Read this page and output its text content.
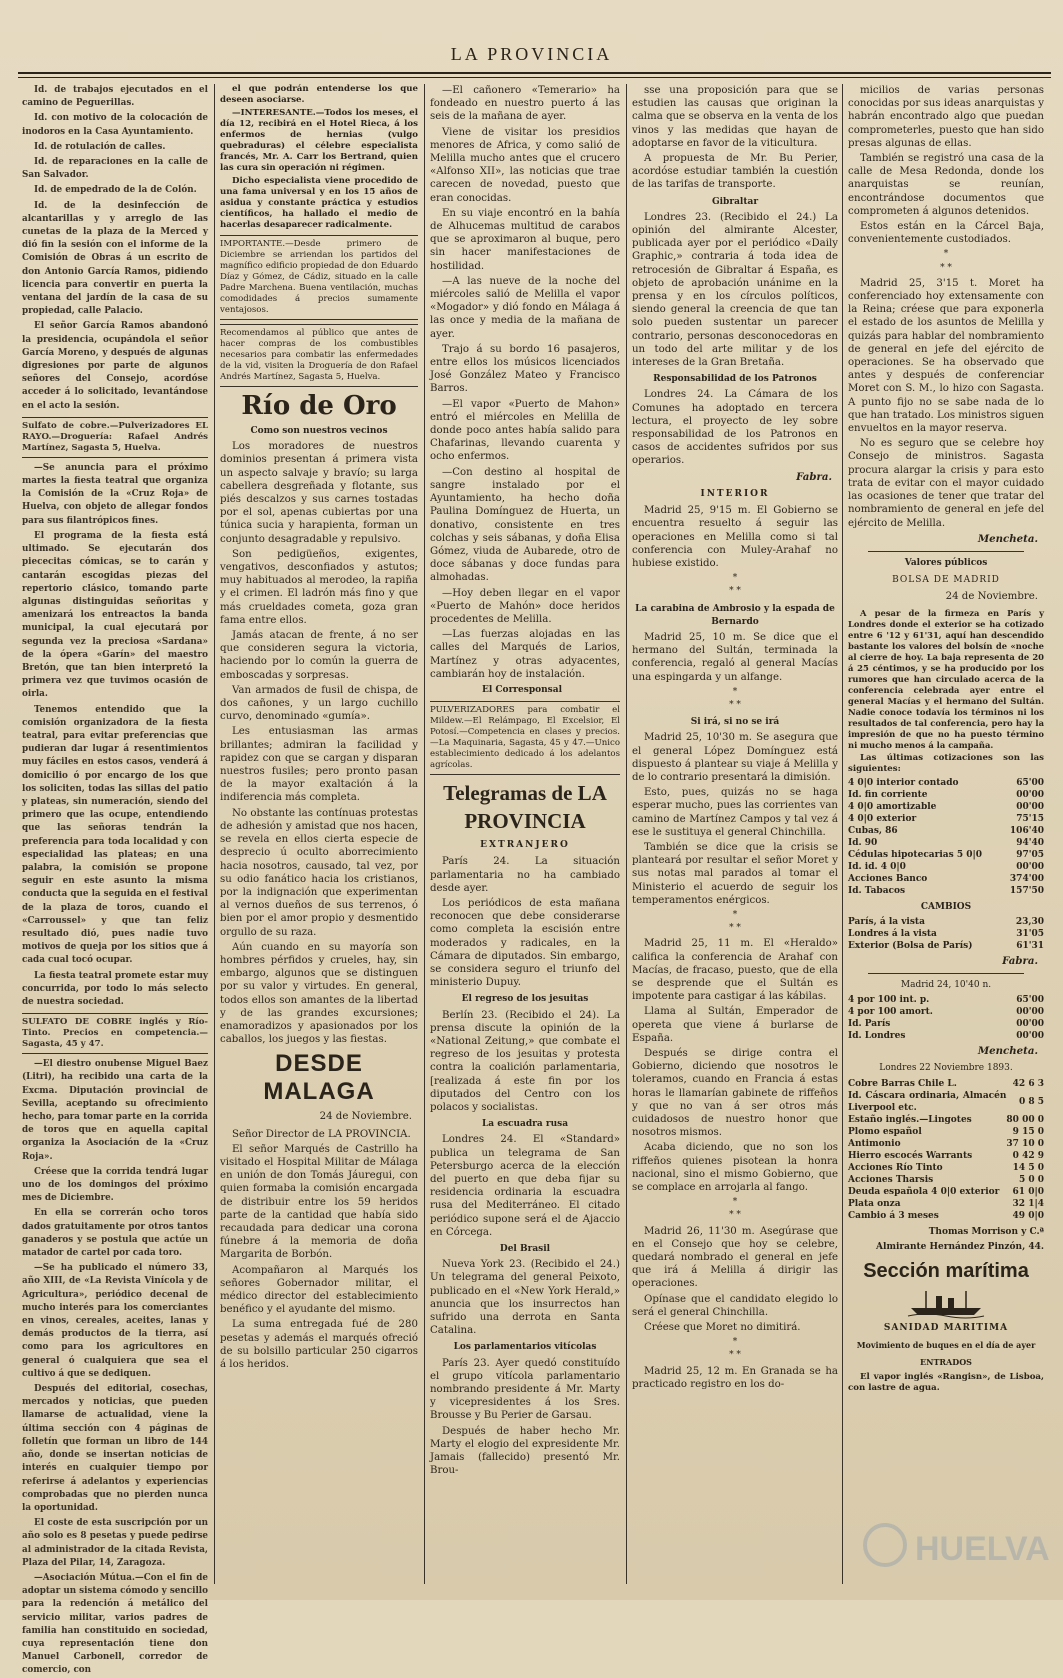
LA PROVINCIA

Id. de trabajos ejecutados en el camino de Peguerillas.

Id. con motivo de la colocación de inodoros en la Casa Ayuntamiento.

Id. de rotulación de calles.

Id. de reparaciones en la calle de San Salvador.

Id. de empedrado de la de Colón.

Id. de la desinfección de alcantarillas y y arreglo de las cunetas de la plaza de la Merced y dió fin la sesión con el informe de la Comisión de Obras á un escrito de don Antonio García Ramos, pidiendo licencia para convertir en puerta la ventana del jardín de la casa de su propiedad, calle Palacio.

El señor García Ramos abandonó la presidencia, ocupándola el señor García Moreno, y después de algunas digresiones por parte de algunos señores del Consejo, acordóse acceder á lo solicitado, levantándose en el acto la sesión.

Sulfato de cobre.—Pulverizadores EL RAYO.—Droguería: Rafael Andrés Martínez, Sagasta 5, Huelva.

—Se anuncia para el próximo martes la fiesta teatral que organiza la Comisión de la «Cruz Roja» de Huelva, con objeto de allegar fondos para sus filantrópicos fines.

El programa de la fiesta está ultimado. Se ejecutarán dos piececitas cómicas, se to carán y cantarán escogidas piezas del repertorio clásico, tomando parte algunas distinguidas señoritas y amenizará los entreactos la banda municipal, la cual ejecutará por segunda vez la preciosa «Sardana» de la ópera «Garín» del maestro Bretón, que tan bien interpretó la primera vez que tuvimos ocasión de oirla.

Tenemos entendido que la comisión organizadora de la fiesta teatral, para evitar preferencias que pudieran dar lugar á resentimientos muy fáciles en estos casos, venderá á domicilio ó por encargo de los que los soliciten, todas las sillas del patio y plateas, sin numeración, siendo del primero que las ocupe, entendiendo que las señoras tendrán la preferencia para toda localidad y con especialidad las plateas; en una palabra, la comisión se propone seguir en este asunto la misma conducta que la seguida en el festival de la plaza de toros, cuando el «Carroussel» y que tan feliz resultado dió, pues nadie tuvo motivos de queja por los sitios que á cada cual tocó ocupar.

La fiesta teatral promete estar muy concurrida, por todo lo más selecto de nuestra sociedad.

SULFATO DE COBRE inglés y Río-Tinto. Precios en competencia.—Sagasta, 45 y 47.

—El diestro onubense Miguel Baez (Litri), ha recibido una carta de la Excma. Diputación provincial de Sevilla, aceptando su ofrecimiento hecho, para tomar parte en la corrida de toros que en aquella capital organiza la Asociación de la «Cruz Roja».

Créese que la corrida tendrá lugar uno de los domingos del próximo mes de Diciembre.

En ella se correrán ocho toros dados gratuitamente por otros tantos ganaderos y se postula que actúe un matador de cartel por cada toro.

—Se ha publicado el número 33, año XIII, de «La Revista Vinícola y de Agricultura», periódico decenal de mucho interés para los comerciantes en vinos, cereales, aceites, lanas y demás productos de la tierra, así como para los agricultores en general ó cualquiera que sea el cultivo á que se dediquen.

Después del editorial, cosechas, mercados y noticias, que pueden llamarse de actualidad, viene la última sección con 4 páginas de folletín que forman un libro de 144 año, donde se insertan noticias de interés en cualquier tiempo por referirse á adelantos y experiencias comprobadas que no pierden nunca la oportunidad.

El coste de esta suscripción por un año solo es 8 pesetas y puede pedirse al administrador de la citada Revista, Plaza del Pilar, 14, Zaragoza.

—Asociación Mútua.—Con el fin de adoptar un sistema cómodo y sencillo para la redención á metálico del servicio militar, varios padres de familia han constituido en sociedad, cuya representación tiene don Manuel Carbonell, corredor de comercio, con

el que podrán entenderse los que deseen asociarse.

—INTERESANTE.—Todos los meses, el día 12, recibirá en el Hotel Rieca, á los enfermos de hernias (vulgo quebraduras) el célebre especialista francés, Mr. A. Carr los Bertrand, quien las cura sin operación ni régimen.

Dicho especialista viene procedido de una fama universal y en los 15 años de asidua y constante práctica y estudios científicos, ha hallado el medio de hacerlas desaparecer radicalmente.

IMPORTANTE.—Desde primero de Diciembre se arriendan los partidos del magnífico edificio propiedad de don Eduardo Díaz y Gómez, de Cádiz, situado en la calle Padre Marchena. Buena ventilación, muchas comodidades á precios sumamente ventajosos.
Recomendamos al público que antes de hacer compras de los combustibles necesarios para combatir las enfermedades de la vid, visiten la Droguería de don Rafael Andrés Martínez, Sagasta 5, Huelva.
Río de Oro
Como son nuestros vecinos

Los moradores de nuestros dominios presentan á primera vista un aspecto salvaje y bravío; su larga cabellera desgreñada y flotante, sus piés descalzos y sus carnes tostadas por el sol, apenas cubiertas por una túnica sucia y harapienta, forman un conjunto desagradable y repulsivo.

Son pedigüeños, exigentes, vengativos, desconfiados y astutos; muy habituados al merodeo, la rapiña y el crimen. El ladrón más fino y que más crueldades cometa, goza gran fama entre ellos.

Jamás atacan de frente, á no ser que consideren segura la victoria, haciendo por lo común la guerra de emboscadas y sorpresas.

Van armados de fusil de chispa, de dos cañones, y un largo cuchillo curvo, denominado «gumía».

Les entusiasman las armas brillantes; admiran la facilidad y rapidez con que se cargan y disparan nuestros fusiles; pero pronto pasan de la mayor exaltación á la indiferencia más completa.

No obstante las contínuas protestas de adhesión y amistad que nos hacen, se revela en ellos cierta especie de desprecio ú oculto aborrecimiento hacia nosotros, causado, tal vez, por su odio fanático hacia los cristianos, por la indignación que experimentan al vernos dueños de sus terrenos, ó bien por el amor propio y desmentido orgullo de su raza.

Aún cuando en su mayoría son hombres pérfidos y crueles, hay, sin embargo, algunos que se distinguen por su valor y virtudes. En general, todos ellos son amantes de la libertad y de las grandes excursiones; enamoradizos y apasionados por los caballos, los juegos y las fiestas.

DESDE MALAGA
24 de Noviembre.

Señor Director de LA PROVINCIA.

El señor Marqués de Castrillo ha visitado el Hospital Militar de Málaga en unión de don Tomás Jáuregui, con quien formaba la comisión encargada de distribuir entre los 59 heridos parte de la cantidad que había sido recaudada para dedicar una corona fúnebre á la memoria de doña Margarita de Borbón.

Acompañaron al Marqués los señores Gobernador militar, el médico director del establecimiento benéfico y el ayudante del mismo.

La suma entregada fué de 280 pesetas y además el marqués ofreció de su bolsillo particular 250 cigarros á los heridos.

—El cañonero «Temerario» ha fondeado en nuestro puerto á las seis de la mañana de ayer.

Viene de visitar los presidios menores de Africa, y como salió de Melilla mucho antes que el crucero «Alfonso XII», las noticias que trae carecen de novedad, puesto que eran conocidas.

En su viaje encontró en la bahía de Alhucemas multitud de carabos que se aproximaron al buque, pero sin hacer manifestaciones de hostilidad.

—A las nueve de la noche del miércoles salió de Melilla el vapor «Mogador» y dió fondo en Málaga á las once y media de la mañana de ayer.

Trajo á su bordo 16 pasajeros, entre ellos los músicos licenciados José González Mateo y Francisco Barros.

—El vapor «Puerto de Mahon» entró el miércoles en Melilla de donde poco antes había salido para Chafarinas, llevando cuarenta y ocho enfermos.

—Con destino al hospital de sangre instalado por el Ayuntamiento, ha hecho doña Paulina Domínguez de Huerta, un donativo, consistente en tres colchas y seis sábanas, y doña Elisa Gómez, viuda de Aubarede, otro de doce sábanas y doce fundas para almohadas.

—Hoy deben llegar en el vapor «Puerto de Mahón» doce heridos procedentes de Melilla.

—Las fuerzas alojadas en las calles del Marqués de Larios, Martínez y otras adyacentes, cambiarán hoy de instalación.

El Corresponsal
PULVERIZADORES para combatir el Mildew.—El Relámpago, El Excelsior, El Potosí.—Competencia en clases y precios.—La Maquinaria, Sagasta, 45 y 47.—Unico establecimiento dedicado á los adelantos agrícolas.
Telegramas de LA PROVINCIA
EXTRANJERO

París 24. La situación parlamentaria no ha cambiado desde ayer.

Los periódicos de esta mañana reconocen que debe considerarse como completa la escisión entre moderados y radicales, en la Cámara de diputados. Sin embargo, se considera seguro el triunfo del ministerio Dupuy.

El regreso de los jesuitas

Berlín 23. (Recibido el 24). La prensa discute la opinión de la «National Zeitung,» que combate el regreso de los jesuitas y protesta contra la coalición parlamentaria, [realizada á este fin por los diputados del Centro con los polacos y socialistas.

La escuadra rusa

Londres 24. El «Standard» publica un telegrama de San Petersburgo acerca de la elección del puerto en que deba fijar su residencia ordinaria la escuadra rusa del Mediterráneo. El citado periódico supone será el de Ajaccio en Córcega.

Del Brasil

Nueva York 23. (Recibido el 24.) Un telegrama del general Peixoto, publicado en el «New York Herald,» anuncia que los insurrectos han sufrido una derrota en Santa Catalina.

Los parlamentarios vitícolas

París 23. Ayer quedó constituído el grupo vitícola parlamentario nombrando presidente á Mr. Marty y vicepresidentes á los Sres. Brousse y Bu Perier de Garsau.

Después de haber hecho Mr. Marty el elogio del expresidente Mr. Jamais (fallecido) presentó Mr. Brou-

sse una proposición para que se estudien las causas que originan la calma que se observa en la venta de los vinos y las medidas que hayan de adoptarse en favor de la viticultura.

A propuesta de Mr. Bu Perier, acordóse estudiar también la cuestión de las tarifas de transporte.

Gibraltar

Londres 23. (Recibido el 24.) La opinión del almirante Alcester, publicada ayer por el periódico «Daily Graphic,» contraria á toda idea de retrocesión de Gibraltar á España, es objeto de aprobación unánime en la prensa y en los círculos políticos, siendo general la creencia de que tan solo pueden sustentar un parecer contrario, personas desconocedoras en un todo del arte militar y de los intereses de la Gran Bretaña.

Responsabilidad de los Patronos

Londres 24. La Cámara de los Comunes ha adoptado en tercera lectura, el proyecto de ley sobre responsabilidad de los Patronos en casos de accidentes sufridos por sus operarios.

Fabra.
INTERIOR

Madrid 25, 9'15 m. El Gobierno se encuentra resuelto á seguir las operaciones en Melilla como si tal conferencia con Muley-Arahaf no hubiese existido.

*
* *
La carabina de Ambrosio y la espada de Bernardo

Madrid 25, 10 m. Se dice que el hermano del Sultán, terminada la conferencia, regaló al general Macías una espingarda y un alfange.

*
* *
Si irá, si no se irá

Madrid 25, 10'30 m. Se asegura que el general López Domínguez está dispuesto á plantear su viaje á Melilla y de lo contrario presentará la dimisión.

Esto, pues, quizás no se haga esperar mucho, pues las corrientes van camino de Martínez Campos y tal vez á ese le sustituya el general Chinchilla.

También se dice que la crisis se planteará por resultar el señor Moret y sus notas mal parados al tomar el Ministerio el acuerdo de seguir los temperamentos enérgicos.

*
* *

Madrid 25, 11 m. El «Heraldo» califica la conferencia de Arahaf con Macías, de fracaso, puesto, que de ella se desprende que el Sultán es impotente para castigar á las kábilas.

Llama al Sultán, Emperador de opereta que viene á burlarse de España.

Después se dirige contra el Gobierno, diciendo que nosotros le toleramos, cuando en Francia á estas horas le llamarían gabinete de riffeños y que no van á ser otros más cuidadosos de nuestro honor que nosotros mismos.

Acaba diciendo, que no son los riffeños quienes pisotean la honra nacional, sino el mismo Gobierno, que se complace en arrojarla al fango.

*
* *

Madrid 26, 11'30 m. Asegúrase que en el Consejo que hoy se celebre, quedará nombrado el general en jefe que irá á Melilla á dirigir las operaciones.

Opínase que el candidato elegido lo será el general Chinchilla.

Créese que Moret no dimitirá.

*
* *

Madrid 25, 12 m. En Granada se ha practicado registro en los do-

micilios de varias personas conocidas por sus ideas anarquistas y habrán encontrado algo que puedan comprometerles, puesto que han sido presas algunas de ellas.

También se registró una casa de la calle de Mesa Redonda, donde los anarquistas se reunían, encontrándose documentos que comprometen á algunos detenidos.

Estos están en la Cárcel Baja, convenientemente custodiados.

*
* *

Madrid 25, 3'15 t. Moret ha conferenciado hoy extensamente con la Reina; créese que para exponerla el estado de los asuntos de Melilla y quizás para hablar del nombramiento de general en jefe del ejército de operaciones. Se ha observado que antes y después de conferenciar Moret con S. M., lo hizo con Sagasta. A punto fijo no se sabe nada de lo que han tratado. Los ministros siguen envueltos en la mayor reserva.

No es seguro que se celebre hoy Consejo de ministros. Sagasta procura alargar la crisis y para esto trata de evitar con el mayor cuidado las ocasiones de tener que tratar del nombramiento de general en jefe del ejército de Melilla.

Mencheta.
Valores públicos
BOLSA DE MADRID
24 de Noviembre.

A pesar de la firmeza en París y Londres donde el exterior se ha cotizado entre 6 '12 y 61'31, aquí han descendido bastante los valores del bolsín de «noche al cierre de hoy. La baja representa de 20 á 25 céntimos, y se ha producido por los rumores que han circulado acerca de la conferencia celebrada ayer entre el general Macías y el hermano del Sultán. Nadie conoce todavía los términos ni los resultados de tal conferencia, pero hay la impresión de que no ha puesto término ni mucho menos á la campaña.

Las últimas cotizaciones son las siguientes:

4 0|0 interior contado	65'00
Id. fin corriente	00'00
4 0|0 amortizable	00'00
4 0|0 exterior	75'15
Cubas, 86	106'40
Id. 90	94'40
Cédulas hipotecarias 5 0|0	97'05
Id. id. 4 0|0	00'00
Acciones Banco	374'00
Id. Tabacos	157'50
CAMBIOS
París, á la vista	23,30
Londres á la vista	31'05
Exterior (Bolsa de París)	61'31
Fabra.
Madrid 24, 10'40 n.
4 por 100 int. p.	65'00
4 por 100 amort.	00'00
Id. París	00'00
Id. Londres	00'00
Mencheta.
Londres 22 Noviembre 1893.
Cobre Barras Chile L.	42 6 3
Id. Cáscara ordinaria, Almacén Liverpool etc.	0 8 5
Estaño inglés.—Lingotes	80 00 0
Plomo español	9 15 0
Antimonio	37 10 0
Hierro escocés Warrants	0 42 9
Acciones Río Tinto	14 5 0
Acciones Tharsis	5 0 0
Deuda española 4 0|0 exterior	61 0|0
Plata onza	32 1|4
Cambio á 3 meses	49 0|0
Thomas Morrison y C.ª
Almirante Hernández Pinzón, 44.
Sección marítima
SANIDAD MARITIMA
Movimiento de buques en el día de ayer
ENTRADOS

El vapor inglés «Rangisn», de Lisboa, con lastre de agua.

HUELVA
